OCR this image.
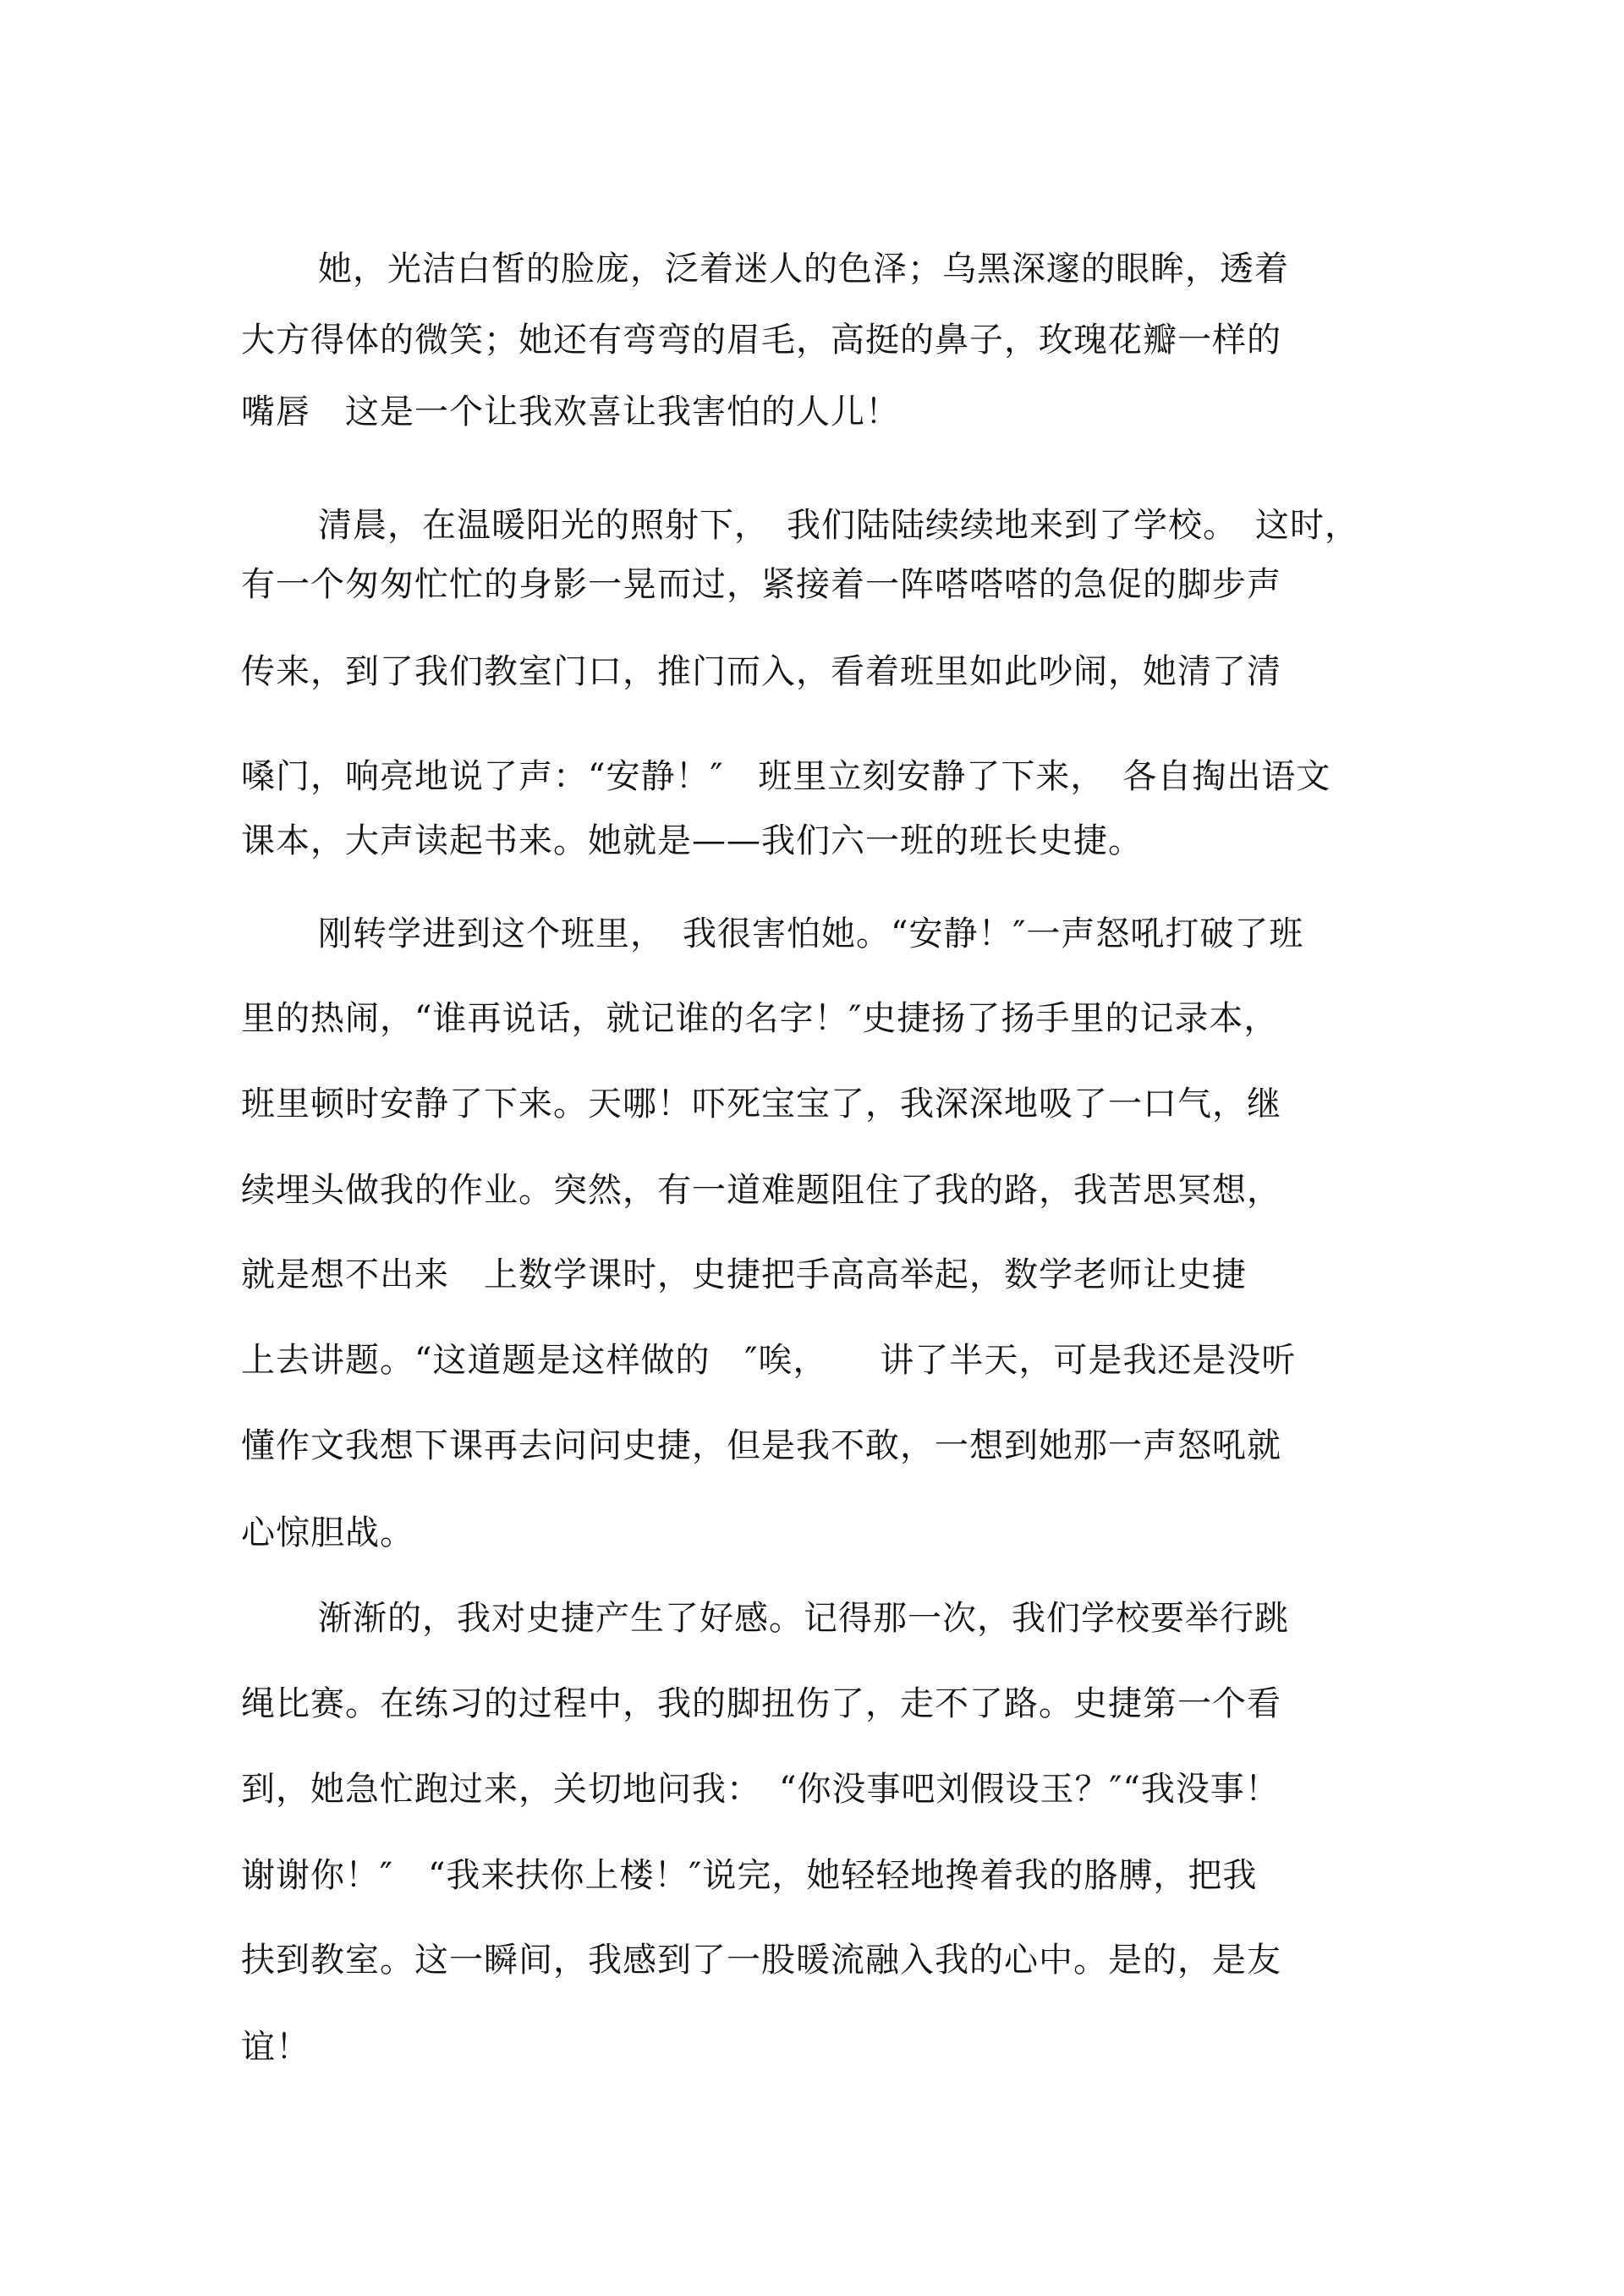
她，光洁白皙的脸庞，泛着迷人的色泽；乌黑深邃的眼眸，透着
大方得体的微笑；她还有弯弯的眉毛，高挺的鼻子，玫瑰花瓣一样的
嘴唇　这是一个让我欢喜让我害怕的人儿！
清晨，在温暖阳光的照射下，　我们陆陆续续地来到了学校。　这时，
有一个匆匆忙忙的身影一晃而过，紧接着一阵嗒嗒嗒的急促的脚步声
传来，到了我们教室门口，推门而入，看着班里如此吵闹，她清了清
嗓门，响亮地说了声：“安静！″　班里立刻安静了下来，　各自掏出语文
课本，大声读起书来。她就是——我们六一班的班长史捷。
刚转学进到这个班里，　我很害怕她。“安静！″一声怒吼打破了班
里的热闹，“谁再说话，就记谁的名字！″史捷扬了扬手里的记录本，
班里顿时安静了下来。天哪！吓死宝宝了，我深深地吸了一口气，继
续埋头做我的作业。突然，有一道难题阻住了我的路，我苦思冥想，
就是想不出来　上数学课时，史捷把手高高举起，数学老师让史捷
上去讲题。“这道题是这样做的　″唉，　　讲了半天，可是我还是没听
懂作文我想下课再去问问史捷，但是我不敢，一想到她那一声怒吼就
心惊胆战。
渐渐的，我对史捷产生了好感。记得那一次，我们学校要举行跳
绳比赛。在练习的过程中，我的脚扭伤了，走不了路。史捷第一个看
到，她急忙跑过来，关切地问我：　“你没事吧刘假设玉？″“我没事！
谢谢你！″　“我来扶你上楼！″说完，她轻轻地搀着我的胳膊，把我
扶到教室。这一瞬间，我感到了一股暖流融入我的心中。是的，是友
谊！
